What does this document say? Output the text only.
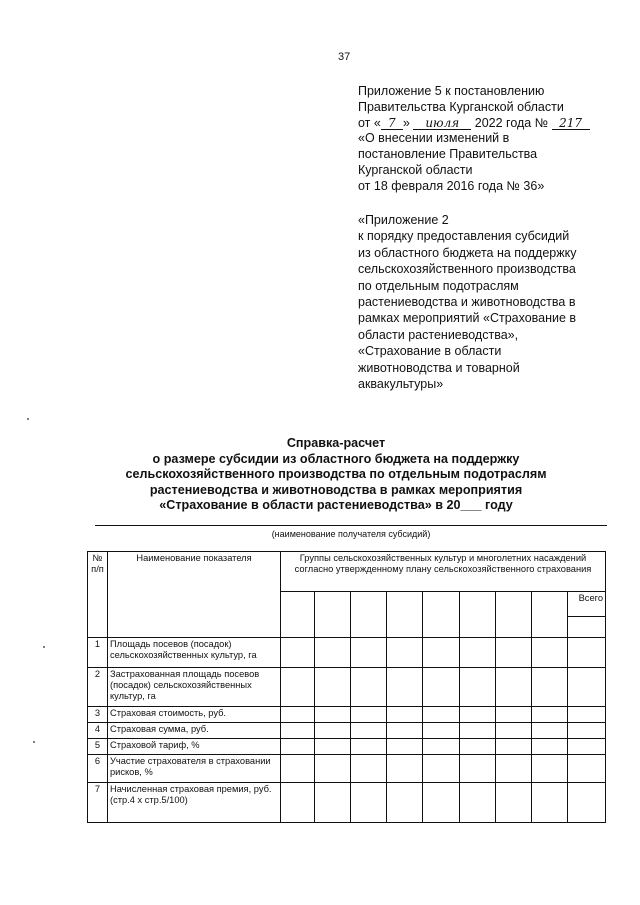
37
Приложение 5 к постановлению
Правительства Курганской области
от « 7 » июля 2022 года № 217
«О внесении изменений в
постановление Правительства
Курганской области
от 18 февраля 2016 года № 36»
«Приложение 2
к порядку предоставления субсидий
из областного бюджета на поддержку
сельскохозяйственного производства
по отдельным подотраслям
растениеводства и животноводства в
рамках мероприятий «Страхование в
области растениеводства»,
«Страхование в области
животноводства и товарной
аквакультуры»
Справка-расчет
о размере субсидии из областного бюджета на поддержку
сельскохозяйственного производства по отдельным подотраслям
растениеводства и животноводства в рамках мероприятия
«Страхование в области растениеводства» в 20___ году
(наименование получателя субсидий)
№ п/п	Наименование показателя	Группы сельскохозяйственных культур и многолетних насаждений согласно утвержденному плану сельскохозяйственного страхования								
										Всего

1	Площадь посевов (посадок) сельскохозяйственных культур, га									
2	Застрахованная площадь посевов (посадок) сельскохозяйственных культур, га									
3	Страховая стоимость, руб.									
4	Страховая сумма, руб.									
5	Страховой тариф, %									
6	Участие страхователя в страховании рисков, %									
7	Начисленная страховая премия, руб. (стр.4 х стр.5/100)									
